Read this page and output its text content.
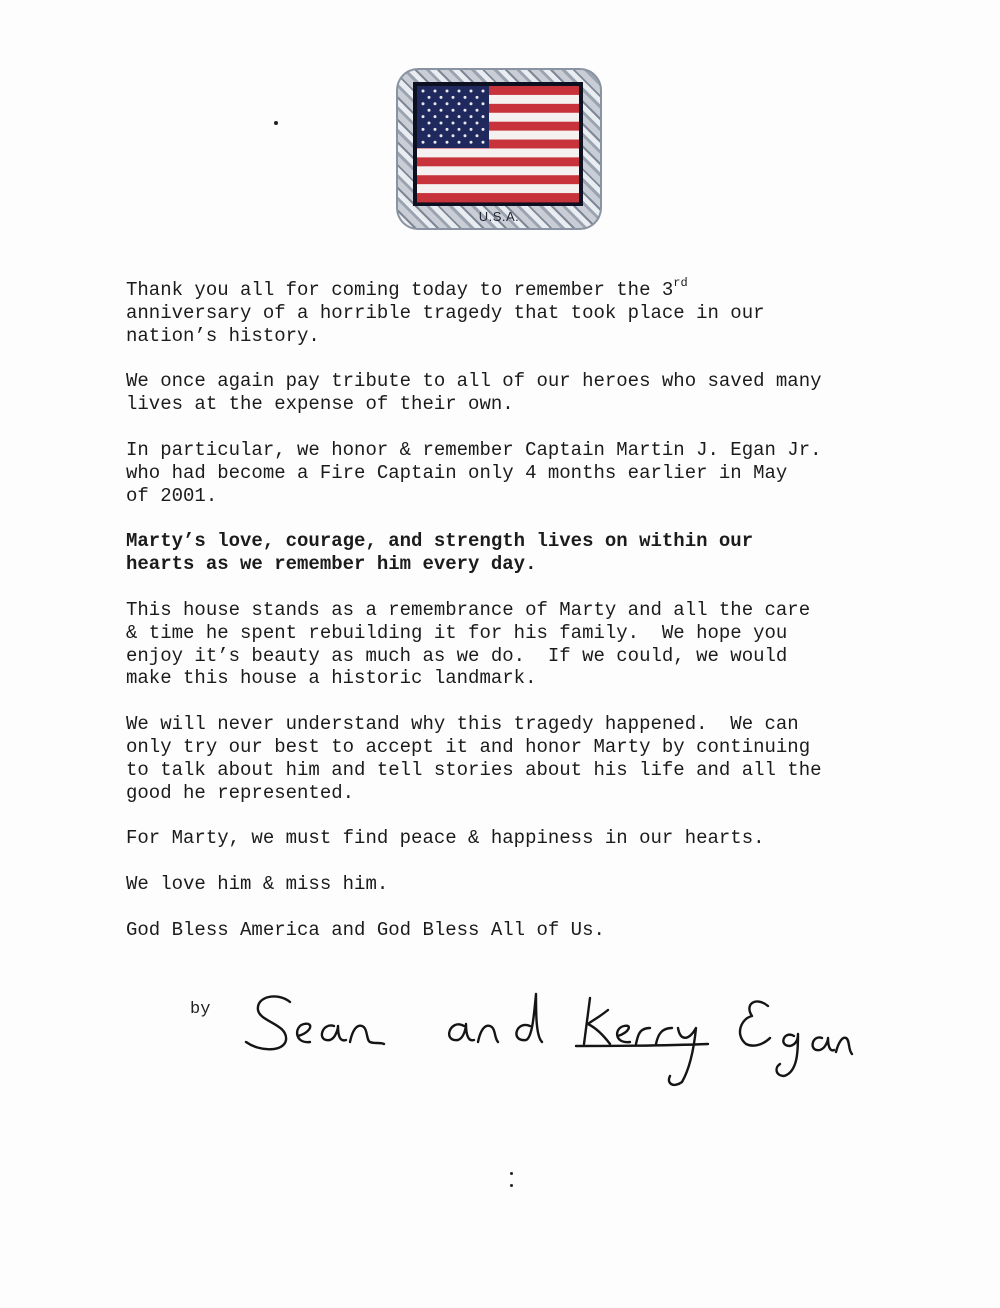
U.S.A.

Thank you all for coming today to remember the 3rd
anniversary of a horrible tragedy that took place in our
nation’s history.

We once again pay tribute to all of our heroes who saved many
lives at the expense of their own.

In particular, we honor & remember Captain Martin J. Egan Jr.
who had become a Fire Captain only 4 months earlier in May
of 2001.

Marty’s love, courage, and strength lives on within our
hearts as we remember him every day.

This house stands as a remembrance of Marty and all the care
& time he spent rebuilding it for his family.  We hope you
enjoy it’s beauty as much as we do.  If we could, we would
make this house a historic landmark.

We will never understand why this tragedy happened.  We can
only try our best to accept it and honor Marty by continuing
to talk about him and tell stories about his life and all the
good he represented.

For Marty, we must find peace & happiness in our hearts.

We love him & miss him.

God Bless America and God Bless All of Us.

by
